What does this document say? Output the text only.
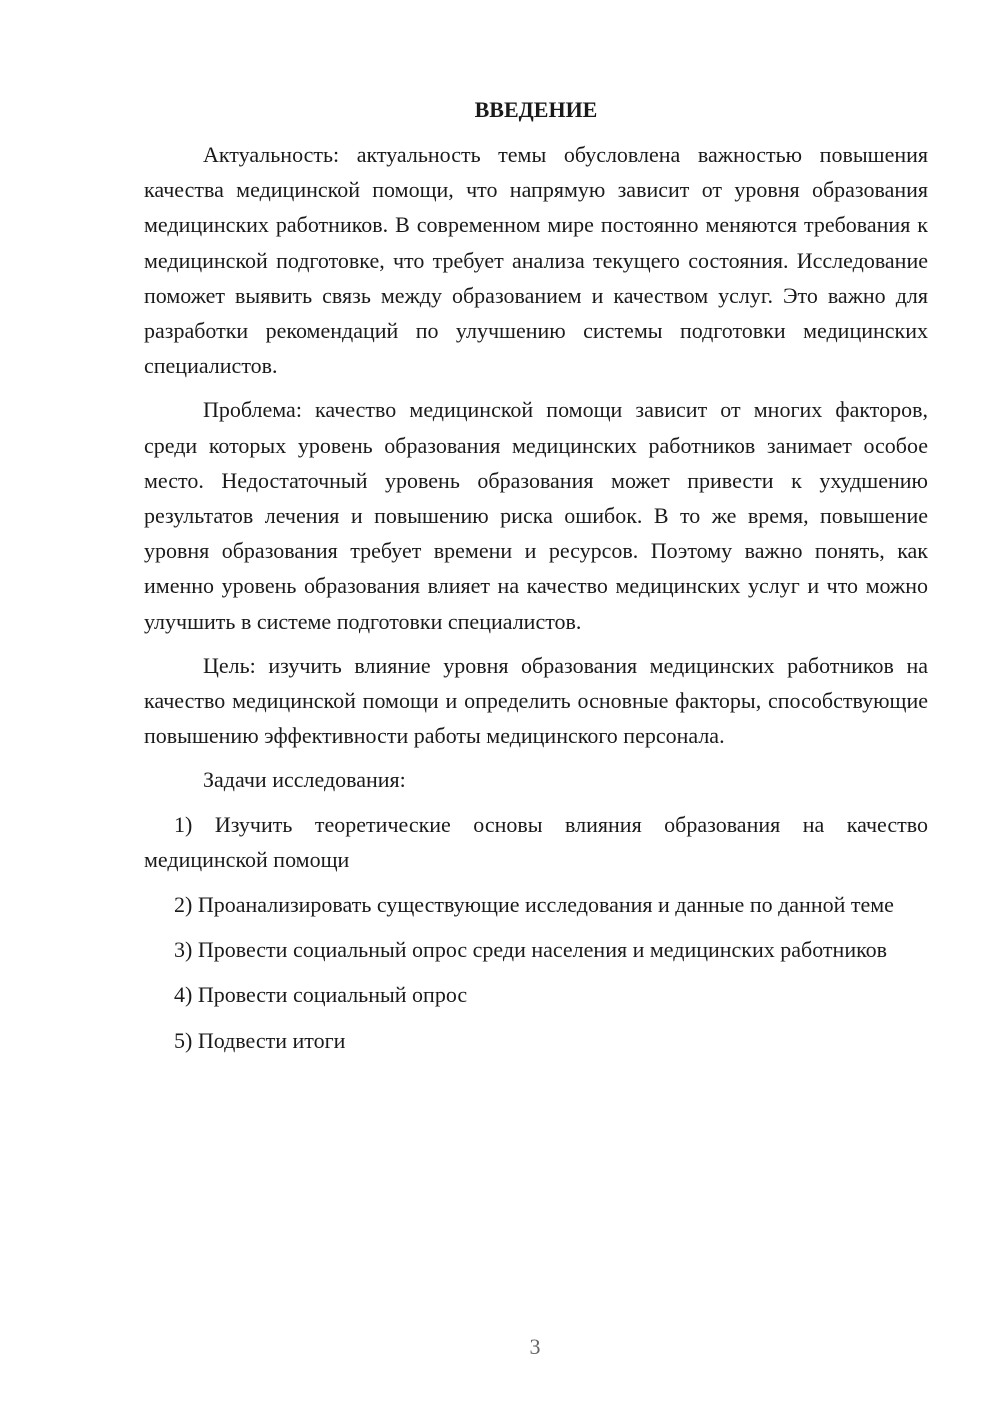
ВВЕДЕНИЕ

Актуальность: актуальность темы обусловлена важностью повышения качества медицинской помощи, что напрямую зависит от уровня образования медицинских работников. В современном мире постоянно меняются требования к медицинской подготовке, что требует анализа текущего состояния. Исследование поможет выявить связь между образованием и качеством услуг. Это важно для разработки рекомендаций по улучшению системы подготовки медицинских специалистов.

Проблема: качество медицинской помощи зависит от многих факторов, среди которых уровень образования медицинских работников занимает особое место. Недостаточный уровень образования может привести к ухудшению результатов лечения и повышению риска ошибок. В то же время, повышение уровня образования требует времени и ресурсов. Поэтому важно понять, как именно уровень образования влияет на качество медицинских услуг и что можно улучшить в системе подготовки специалистов.

Цель: изучить влияние уровня образования медицинских работников на качество медицинской помощи и определить основные факторы, способствующие повышению эффективности работы медицинского персонала.

Задачи исследования:

1) Изучить теоретические основы влияния образования на качество медицинской помощи

2) Проанализировать существующие исследования и данные по данной теме

3) Провести социальный опрос среди населения и медицинских работников

4) Провести социальный опрос

5) Подвести итоги

3
